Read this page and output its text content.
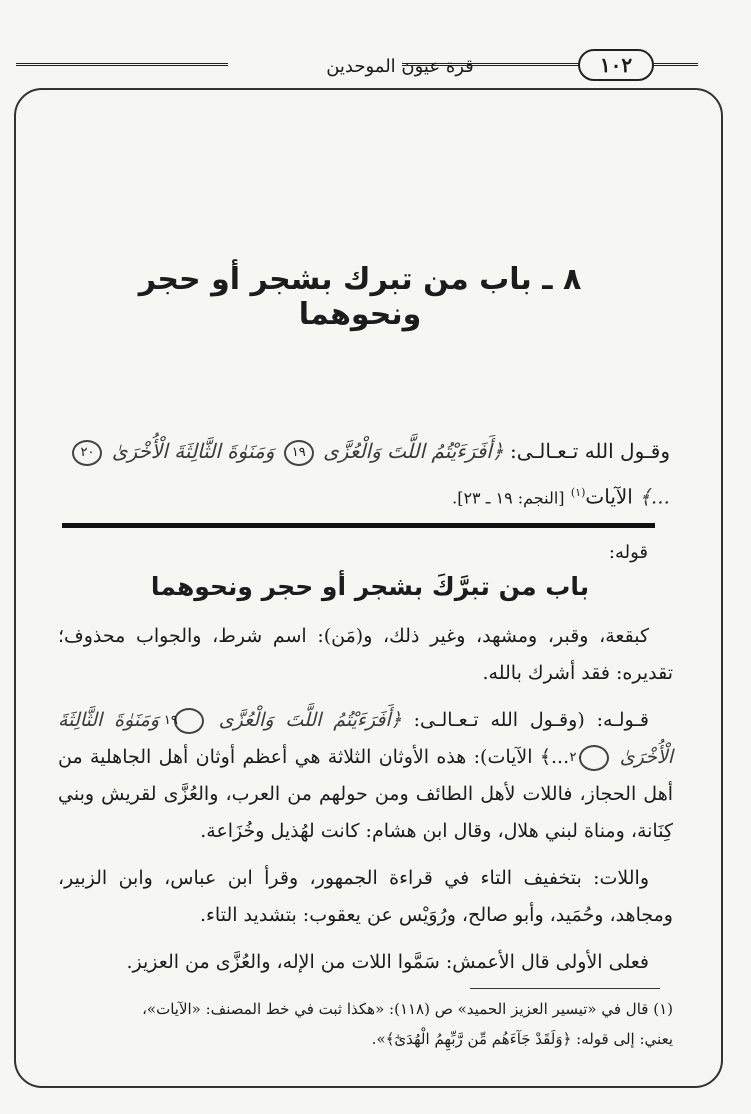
قرة عيون الموحدين	١٠٢
٨ ـ باب من تبرك بشجر أو حجر ونحوهما
وقـول الله تـعـالـى: ﴿أَفَرَءَيْتُمُ اللَّتَ وَالْعُزَّى ١٩ وَمَنَوٰةَ الثَّالِثَةَ الْأُخْرَىٰ ٢٠ ...﴾ الآيات$^{(١)}$ [النجم: ١٩ ـ ٢٣].
قوله:
باب من تبرَّكَ بشجر أو حجر ونحوهما

كبقعة، وقبر، ومشهد، وغير ذلك، و(مَن): اسم شرط، والجواب محذوف؛ تقديره: فقد أشرك بالله.

قـولـه: (وقـول الله تـعـالـى: ﴿أَفَرَءَيْتُمُ اللَّتَ وَالْعُزَّى ١٩ وَمَنَوٰةَ الثَّالِثَةَ الْأُخْرَىٰ ٢٠ ...﴾ الآيات): هذه الأوثان الثلاثة هي أعظم أوثان أهل الجاهلية من أهل الحجاز، فاللات لأهل الطائف ومن حولهم من العرب، والعُزَّى لقريش وبني كِنَانة، ومناة لبني هلال، وقال ابن هشام: كانت لهُذيل وخُزَاعة.

واللات: بتخفيف التاء في قراءة الجمهور، وقرأ ابن عباس، وابن الزبير، ومجاهد، وحُمَيد، وأبو صالح، ورُوَيْس عن يعقوب: بتشديد التاء.

فعلى الأولى قال الأعمش: سَمَّوا اللات من الإله، والعُزَّى من العزيز.

(١) قال في «تيسير العزيز الحميد» ص (١١٨): «هكذا ثبت في خط المصنف: «الآيات»،

يعني: إلى قوله: ﴿وَلَقَدْ جَآءَهُم مِّن رَّبِّهِمُ الْهُدَىٰٓ﴾».
